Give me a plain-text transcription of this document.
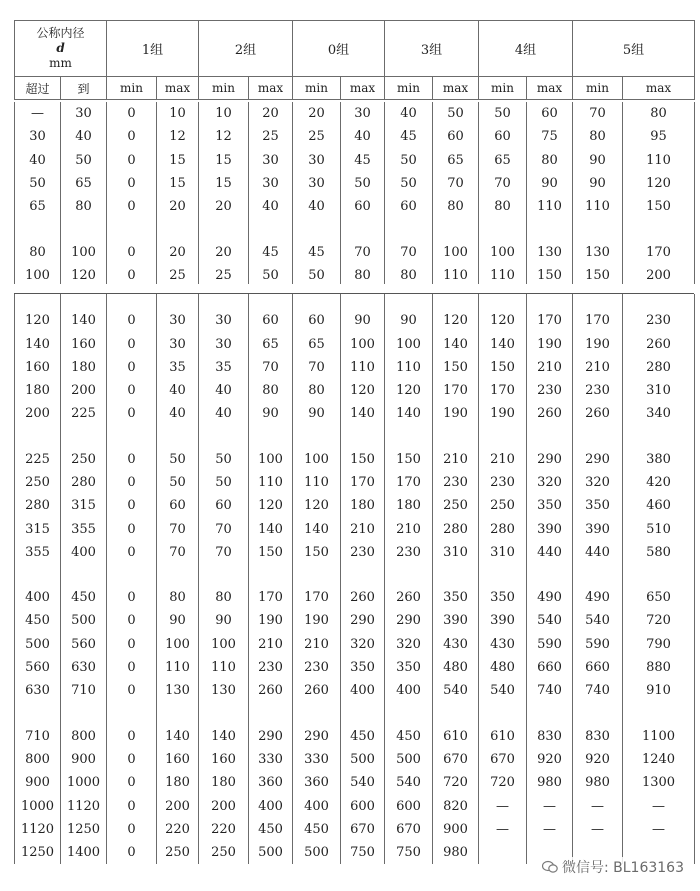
公称内径
d
mm		1组		2组		0组		3组		4组		5组	
超过	到	min	max	min	max	min	max	min	max	min	max	min	max
—	30	0	10	10	20	20	30	40	50	50	60	70	80
30	40	0	12	12	25	25	40	45	60	60	75	80	95
40	50	0	15	15	30	30	45	50	65	65	80	90	110
50	65	0	15	15	30	30	50	50	70	70	90	90	120
65	80	0	20	20	40	40	60	60	80	80	110	110	150

80	100	0	20	20	45	45	70	70	100	100	130	130	170
100	120	0	25	25	50	50	80	80	110	110	150	150	200

120	140	0	30	30	60	60	90	90	120	120	170	170	230
140	160	0	30	30	65	65	100	100	140	140	190	190	260
160	180	0	35	35	70	70	110	110	150	150	210	210	280
180	200	0	40	40	80	80	120	120	170	170	230	230	310
200	225	0	40	40	90	90	140	140	190	190	260	260	340

225	250	0	50	50	100	100	150	150	210	210	290	290	380
250	280	0	50	50	110	110	170	170	230	230	320	320	420
280	315	0	60	60	120	120	180	180	250	250	350	350	460
315	355	0	70	70	140	140	210	210	280	280	390	390	510
355	400	0	70	70	150	150	230	230	310	310	440	440	580

400	450	0	80	80	170	170	260	260	350	350	490	490	650
450	500	0	90	90	190	190	290	290	390	390	540	540	720
500	560	0	100	100	210	210	320	320	430	430	590	590	790
560	630	0	110	110	230	230	350	350	480	480	660	660	880
630	710	0	130	130	260	260	400	400	540	540	740	740	910

710	800	0	140	140	290	290	450	450	610	610	830	830	1100
800	900	0	160	160	330	330	500	500	670	670	920	920	1240
900	1000	0	180	180	360	360	540	540	720	720	980	980	1300
1000	1120	0	200	200	400	400	600	600	820	—	—	—	—
1120	1250	0	220	220	450	450	670	670	900	—	—	—	—
1250	1400	0	250	250	500	500	750	750	980				
微信号: BL163163
